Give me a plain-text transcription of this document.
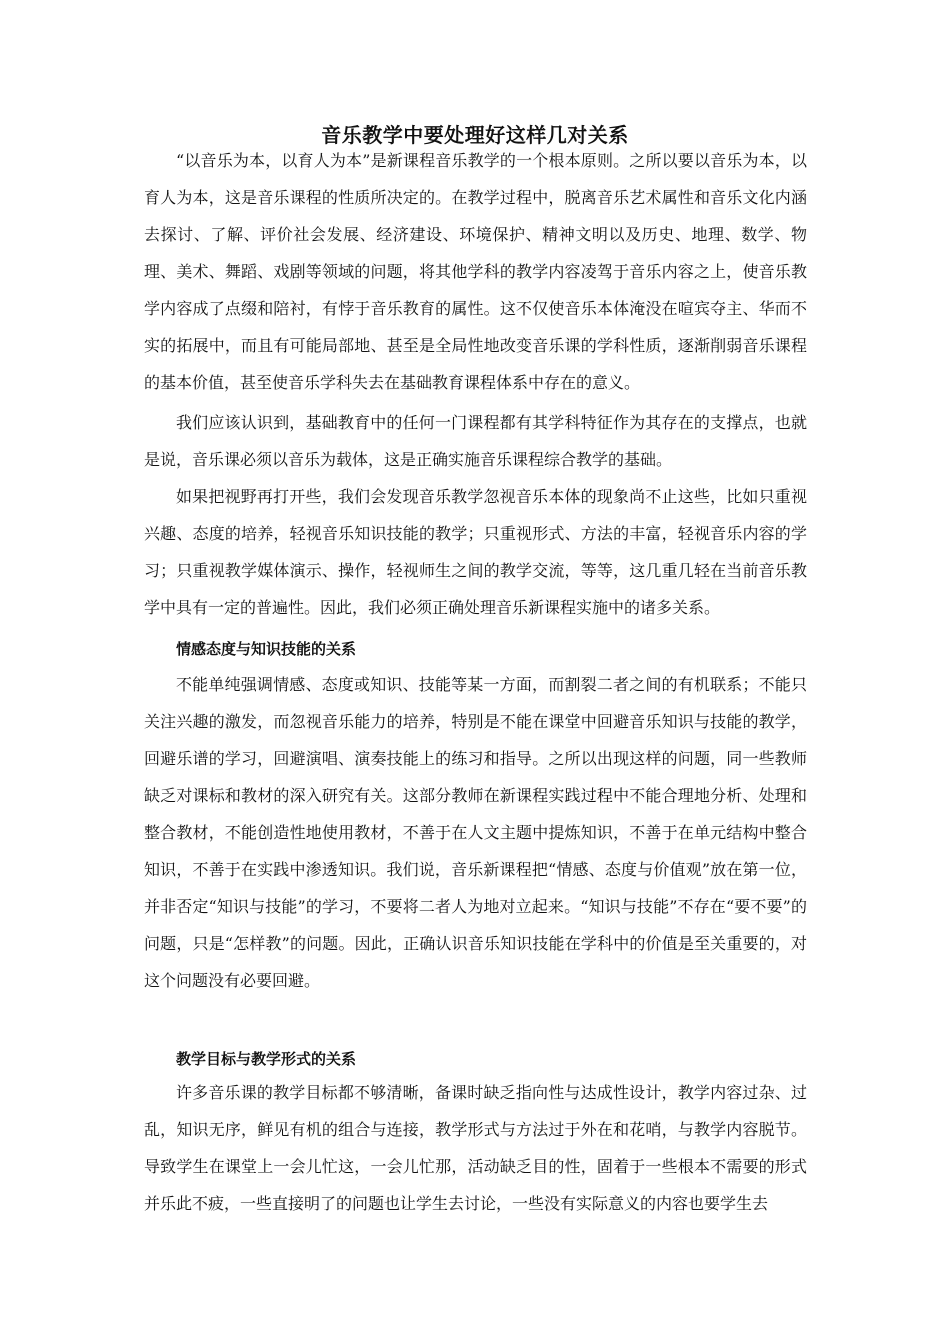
音乐教学中要处理好这样几对关系

“以音乐为本，以育人为本”是新课程音乐教学的一个根本原则。之所以要以音乐为本，以育人为本，这是音乐课程的性质所决定的。在教学过程中，脱离音乐艺术属性和音乐文化内涵去探讨、了解、评价社会发展、经济建设、环境保护、精神文明以及历史、地理、数学、物理、美术、舞蹈、戏剧等领域的问题，将其他学科的教学内容凌驾于音乐内容之上，使音乐教学内容成了点缀和陪衬，有悖于音乐教育的属性。这不仅使音乐本体淹没在喧宾夺主、华而不实的拓展中，而且有可能局部地、甚至是全局性地改变音乐课的学科性质，逐渐削弱音乐课程的基本价值，甚至使音乐学科失去在基础教育课程体系中存在的意义。

我们应该认识到，基础教育中的任何一门课程都有其学科特征作为其存在的支撑点，也就是说，音乐课必须以音乐为载体，这是正确实施音乐课程综合教学的基础。

如果把视野再打开些，我们会发现音乐教学忽视音乐本体的现象尚不止这些，比如只重视兴趣、态度的培养，轻视音乐知识技能的教学；只重视形式、方法的丰富，轻视音乐内容的学习；只重视教学媒体演示、操作，轻视师生之间的教学交流，等等，这几重几轻在当前音乐教学中具有一定的普遍性。因此，我们必须正确处理音乐新课程实施中的诸多关系。

情感态度与知识技能的关系

不能单纯强调情感、态度或知识、技能等某一方面，而割裂二者之间的有机联系；不能只关注兴趣的激发，而忽视音乐能力的培养，特别是不能在课堂中回避音乐知识与技能的教学，回避乐谱的学习，回避演唱、演奏技能上的练习和指导。之所以出现这样的问题，同一些教师缺乏对课标和教材的深入研究有关。这部分教师在新课程实践过程中不能合理地分析、处理和整合教材，不能创造性地使用教材，不善于在人文主题中提炼知识，不善于在单元结构中整合知识，不善于在实践中渗透知识。我们说，音乐新课程把“情感、态度与价值观”放在第一位，并非否定“知识与技能”的学习，不要将二者人为地对立起来。“知识与技能”不存在“要不要”的问题，只是“怎样教”的问题。因此，正确认识音乐知识技能在学科中的价值是至关重要的，对这个问题没有必要回避。

教学目标与教学形式的关系

许多音乐课的教学目标都不够清晰，备课时缺乏指向性与达成性设计，教学内容过杂、过乱，知识无序，鲜见有机的组合与连接，教学形式与方法过于外在和花哨，与教学内容脱节。导致学生在课堂上一会儿忙这，一会儿忙那，活动缺乏目的性，固着于一些根本不需要的形式并乐此不疲，一些直接明了的问题也让学生去讨论，一些没有实际意义的内容也要学生去
